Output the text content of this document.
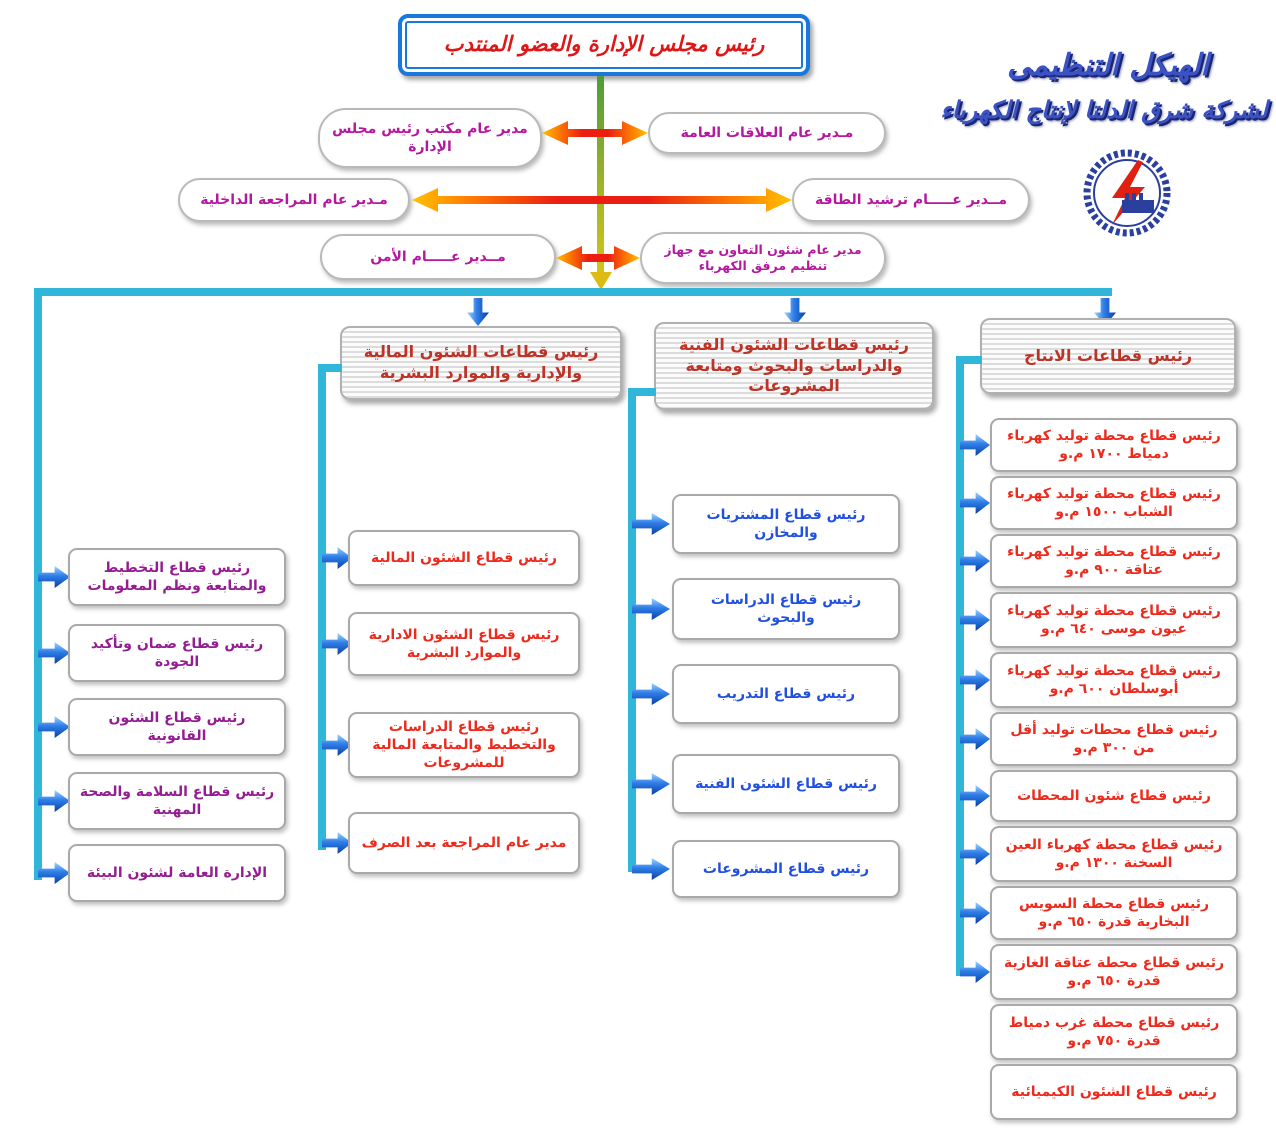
الهيكل التنظيمى
لشركة شرق الدلتا لإنتاج الكهرباء
رئيس مجلس الإدارة والعضو المنتدب
مدير عام مكتب رئيس مجلس الإدارة
مـدير عام العلاقات العامة
مـدير عام المراجعة الداخلية	مــدير عـــــام ترشيد الطاقة
مــدير عـــــام الأمن	مدير عام شئون التعاون مع جهاز تنظيم مرفق الكهرباء
رئيس قطاعات الشئون المالية والإدارية والموارد البشرية
رئيس قطاعات الشئون الفنية والدراسات والبحوث ومتابعة المشروعات
رئيس قطاعات الانتاج
رئيس قطاع التخطيط والمتابعة ونظم المعلومات
رئيس قطاع ضمان وتأكيد الجودة
رئيس قطاع الشئون القانونية
رئيس قطاع السلامة والصحة المهنية
الإدارة العامة لشئون البيئة
رئيس قطاع الشئون المالية
رئيس قطاع الشئون الادارية والموارد البشرية
رئيس قطاع الدراسات والتخطيط والمتابعة المالية للمشروعات
مدير عام المراجعة بعد الصرف
رئيس قطاع المشتريات والمخازن
رئيس قطاع الدراسات والبحوث
رئيس قطاع التدريب
رئيس قطاع الشئون الفنية
رئيس قطاع المشروعات
رئيس قطاع محطة توليد كهرباء دمياط ١٧٠٠ م.و
رئيس قطاع محطة توليد كهرباء الشباب ١٥٠٠ م.و
رئيس قطاع محطة توليد كهرباء عتاقة ٩٠٠ م.و
رئيس قطاع محطة توليد كهرباء عيون موسى ٦٤٠ م.و
رئيس قطاع محطة توليد كهرباء أبوسلطان ٦٠٠ م.و
رئيس قطاع محطات توليد أقل من ٣٠٠ م.و
رئيس قطاع شئون المحطات
رئيس قطاع محطة كهرباء العين السخنة ١٣٠٠ م.و
رئيس قطاع محطة السويس البخارية قدرة ٦٥٠ م.و
رئيس قطاع محطة عتاقة الغازية قدرة ٦٥٠ م.و
رئيس قطاع محطة غرب دمياط قدرة ٧٥٠ م.و
رئيس قطاع الشئون الكيميائية
